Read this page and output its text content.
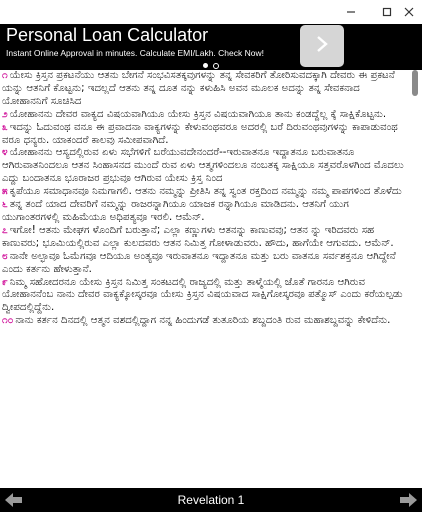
Personal Loan Calculator
Instant Online Approval in minutes. Calculate EMI/Lakh. Check Now!

೧ ಯೇಸು ಕ್ರಿಸ್ತನ ಪ್ರಕಟನೆಯು ಆತನು ಬೇಗನೆ ಸಂಭವಿಸತಕ್ಕವುಗಳನ್ನು ತನ್ನ ಸೇವಕರಿಗೆ ತೋರಿಸುವದಕ್ಕಾಗಿ ದೇವರು ಈ ಪ್ರಕಟನೆ ಯನ್ನು ಆತನಿಗೆ ಕೊಟ್ಟನು; ಇದಲ್ಲದೆ ಆತನು ತನ್ನ ದೂತ ನನ್ನು ಕಳುಹಿಸಿ ಅವನ ಮೂಲಕ ಅದನ್ನು ತನ್ನ ಸೇವಕನಾದ ಯೋಹಾನನಿಗೆ ಸೂಚಿಸಿದ

೨ ಯೋಹಾನನು ದೇವರ ವಾಕ್ಯದ ವಿಷಯವಾಗಿಯೂ ಯೇಸು ಕ್ರಿಸ್ತನ ವಿಷಯವಾಗಿಯೂ ತಾನು ಕಂಡದ್ದೆಲ್ಲ ಕ್ಕೆ ಸಾಕ್ಷಿಕೊಟ್ಟನು.

೩ ಇದನ್ನು ಓದುವಂಥ ವನೂ ಈ ಪ್ರವಾದನಾ ವಾಕ್ಯಗಳನ್ನು ಕೇಳುವಂಥವರೂ ಅದರಲ್ಲಿ ಬರೆ ದಿರುವಂಥವುಗಳನ್ನು ಕಾಪಾಡುವಂಥ ವರೂ ಧನ್ಯರು. ಯಾಕಂದರೆ ಕಾಲವು ಸಮೀಪವಾಗಿದೆ.

೪ ಯೋಹಾನನು ಆಸ್ಯದಲ್ಲಿರುವ ಏಳು ಸಭೆಗಳಿಗೆ ಬರೆಯುವದೇನಂದರೆ--ಇರುವಾತನೂ ಇದ್ದಾತನೂ ಬರುವಾತನೂ ಆಗಿರುವಾತನಿಂದಲೂ ಆತನ ಸಿಂಹಾಸನದ ಮುಂದೆ ರುವ ಏಳು ಆತ್ಮಗಳಿಂದಲೂ ನಂಬತಕ್ಕ ಸಾಕ್ಷಿಯೂ ಸತ್ತವರೊಳಗಿಂದ ಮೊದಲು ಎದ್ದು ಬಂದಾತನೂ ಭೂರಾಜರ ಪ್ರಭುವೂ ಆಗಿರುವ ಯೇಸು ಕ್ರಿಸ್ತ ನಿಂದ

೫ ಕೃಪೆಯೂ ಸಮಾಧಾನವೂ ನಿಮಗಾಗಲಿ. ಆತನು ನಮ್ಮನ್ನು ಪ್ರೀತಿಸಿ ತನ್ನ ಸ್ವಂತ ರಕ್ತದಿಂದ ನಮ್ಮನ್ನು ನಮ್ಮ ಪಾಪಗಳಿಂದ ತೊಳೆದು

೬ ತನ್ನ ತಂದೆ ಯಾದ ದೇವರಿಗೆ ನಮ್ಮನ್ನು ರಾಜರನ್ನಾಗಿಯೂ ಯಾಜಕ ರನ್ನಾಗಿಯೂ ಮಾಡಿದನು. ಆತನಿಗೆ ಯುಗ ಯುಗಾಂತರಗಳಲ್ಲಿ ಮಹಿಮೆಯೂ ಅಧಿಪತ್ಯವೂ ಇರಲಿ. ಆಮೆನ್.

೭ ಇಗೋ! ಆತನು ಮೇಘಗ ಳೊಂದಿಗೆ ಬರುತ್ತಾನೆ; ಎಲ್ಲಾ ಕಣ್ಣುಗಳು ಆತನನ್ನು ಕಾಣುವವು; ಆತನ ನ್ನು ಇರಿದವರು ಸಹ ಕಾಣುವರು; ಭೂಮಿಯಲ್ಲಿರುವ ಎಲ್ಲಾ ಕುಲದವರು ಆತನ ನಿಮಿತ್ತ ಗೋಳಾಡುವರು. ಹೌದು, ಹಾಗೆಯೇ ಆಗುವದು. ಆಮೆನ್.

೮ ನಾನೇ ಅಲ್ಫಾವೂ ಓಮೆಗವೂ ಆದಿಯೂ ಅಂತ್ಯವೂ ಇರುವಾತನೂ ಇದ್ದಾತನೂ ಮತ್ತು ಬರು ವಾತನೂ ಸರ್ವಶಕ್ತನೂ ಆಗಿದ್ದೇನೆ ಎಂದು ಕರ್ತನು ಹೇಳುತ್ತಾನೆ.

೯ ನಿಮ್ಮ ಸಹೋದರನೂ ಯೇಸು ಕ್ರಿಸ್ತನ ನಿಮಿತ್ತ ಸಂಕಟದಲ್ಲಿ ರಾಜ್ಯದಲ್ಲಿ ಮತ್ತು ತಾಳ್ಮೆಯಲ್ಲಿ ಜೊತೆ ಗಾರನೂ ಆಗಿರುವ ಯೋಹಾನನೆಂಬ ನಾನು ದೇವರ ವಾಕ್ಯಕ್ಕೋಸ್ಕರವೂ ಯೇಸು ಕ್ರಿಸ್ತನ ವಿಷಯವಾದ ಸಾಕ್ಷಿಗೋಸ್ಕರವೂ ಪತ್ಮೊಸ್ ಎಂದು ಕರೆಯಲ್ಪಡು ದ್ವೀಪದಲ್ಲಿದ್ದೆನು.

೧೦ ನಾನು ಕರ್ತನ ದಿನದಲ್ಲಿ ಆತ್ಮನ ವಶದಲ್ಲಿದ್ದಾಗ ನನ್ನ ಹಿಂದುಗಡೆ ತುತೂರಿಯ ಶಬ್ದದಂತಿ ರುವ ಮಹಾಶಬ್ದವನ್ನು ಕೇಳಿದೆನು.

Revelation 1
